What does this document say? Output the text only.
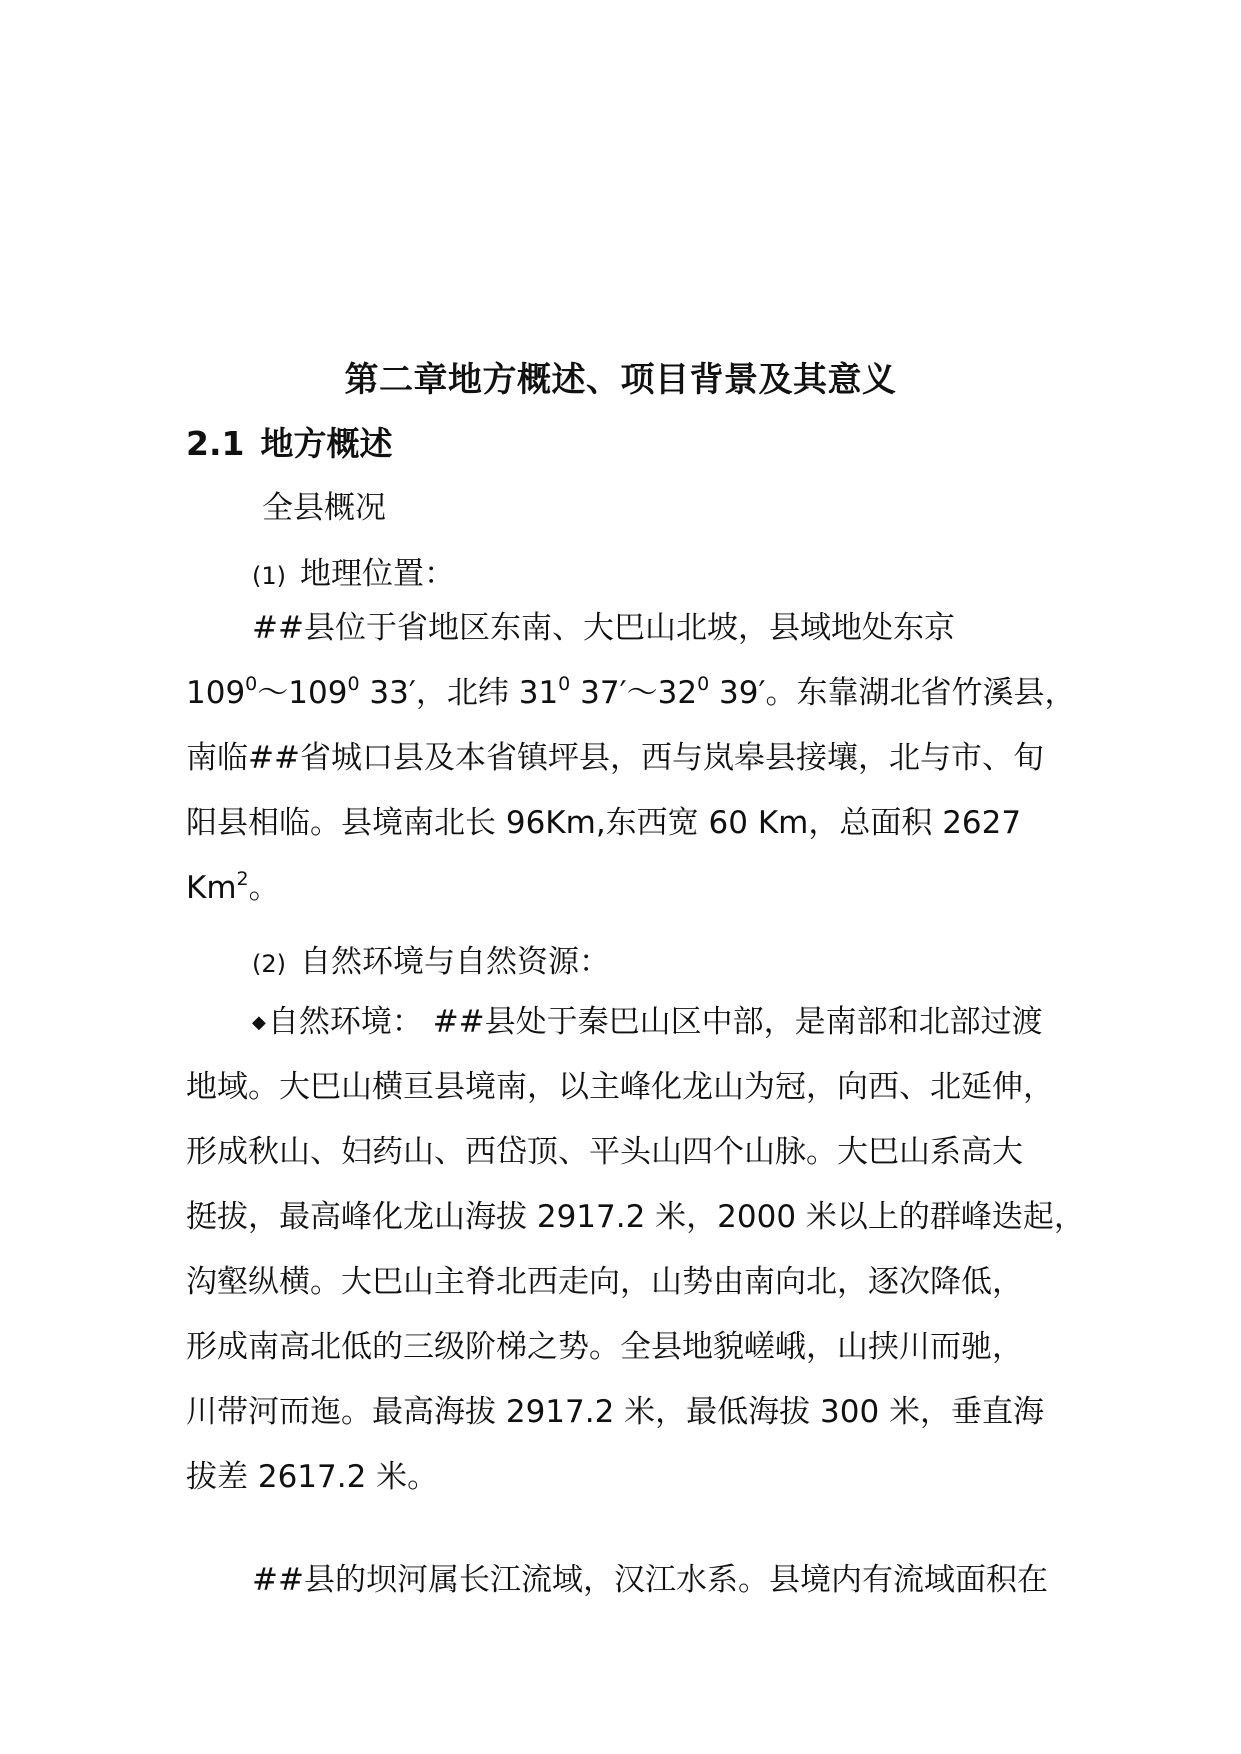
第二章地方概述、项目背景及其意义
2.1 地方概述
全县概况
(1) 地理位置：
##县位于省地区东南、大巴山北坡，县域地处东京
$109^0\sim 109^0$ 33′，北纬 $31^0$ $37'\sim 32^0$ 39′。东靠湖北省竹溪县，
南临##省城口县及本省镇坪县，西与岚皋县接壤，北与市、旬
阳县相临。县境南北长 96Km,东西宽 60 Km，总面积 2627
Km$^2$。
(2) 自然环境与自然资源：
◆自然环境： ##县处于秦巴山区中部，是南部和北部过渡
地域。大巴山横亘县境南，以主峰化龙山为冠，向西、北延伸，
形成秋山、妇药山、西岱顶、平头山四个山脉。大巴山系高大
挺拔，最高峰化龙山海拔 2917.2 米，2000 米以上的群峰迭起，
沟壑纵横。大巴山主脊北西走向，山势由南向北，逐次降低，
形成南高北低的三级阶梯之势。全县地貌嵯峨，山挟川而驰，
川带河而迤。最高海拔 2917.2 米，最低海拔 300 米，垂直海
拔差 2617.2 米。
##县的坝河属长江流域，汉江水系。县境内有流域面积在
